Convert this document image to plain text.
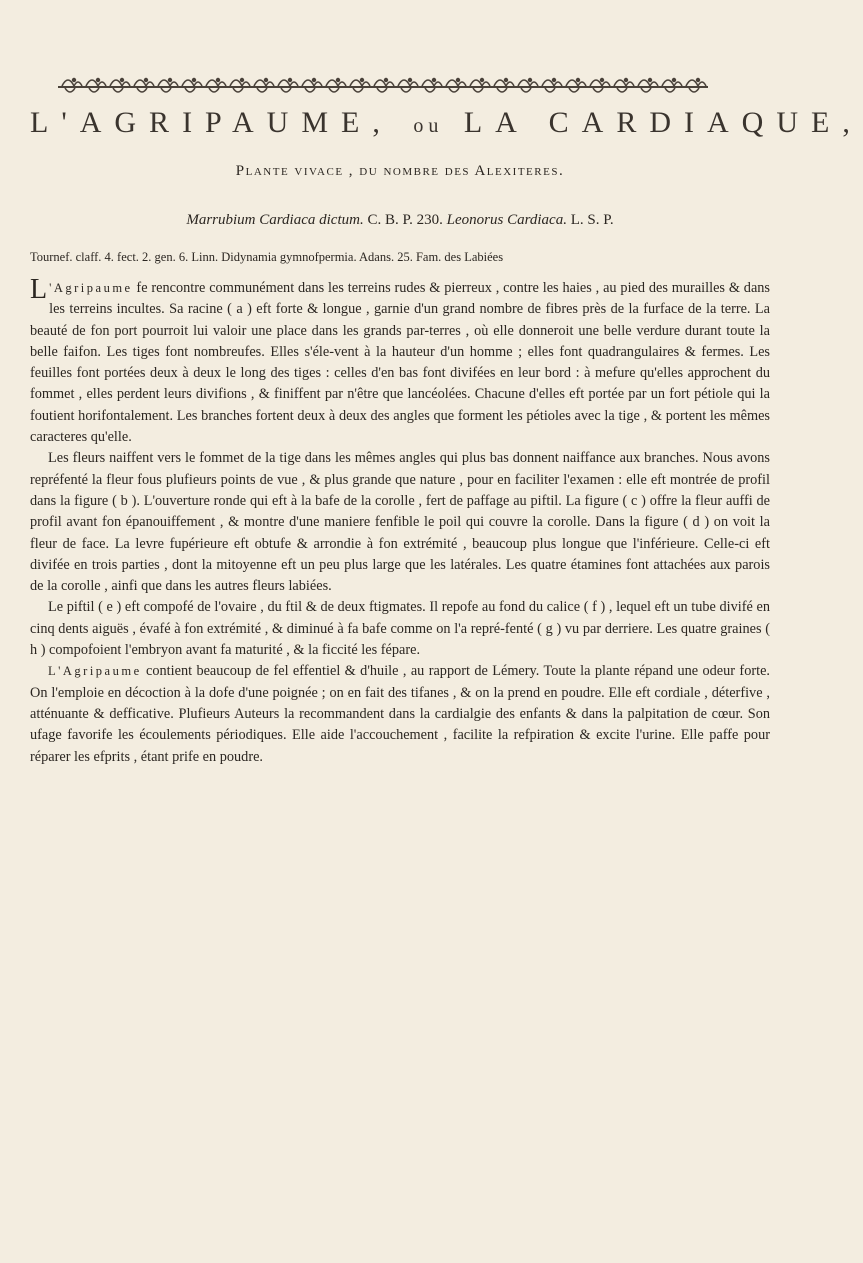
L'AGRIPAUME, ou LA CARDIAQUE,
Plante vivace , du nombre des Alexiteres.
Marrubium Cardiaca dictum. C. B. P. 230. Leonorus Cardiaca. L. S. P.
Tournef. claff. 4. fect. 2. gen. 6. Linn. Didynamia gymnofpermia. Adans. 25. Fam. des Labiées

L 'Agripaume fe rencontre communément dans les terreins rudes & pierreux , contre les haies , au pied des murailles & dans les terreins incultes. Sa racine ( a ) eft forte & longue , garnie d'un grand nombre de fibres près de la furface de la terre. La beauté de fon port pourroit lui valoir une place dans les grands par-terres , où elle donneroit une belle verdure durant toute la belle faifon. Les tiges font nombreufes. Elles s'éle-vent à la hauteur d'un homme ; elles font quadrangulaires & fermes. Les feuilles font portées deux à deux le long des tiges : celles d'en bas font divifées en leur bord : à mefure qu'elles approchent du fommet , elles perdent leurs divifions , & finiffent par n'être que lancéolées. Chacune d'elles eft portée par un fort pétiole qui la foutient horifontalement. Les branches fortent deux à deux des angles que forment les pétioles avec la tige , & portent les mêmes caracteres qu'elle.

Les fleurs naiffent vers le fommet de la tige dans les mêmes angles qui plus bas donnent naiffance aux branches. Nous avons repréfenté la fleur fous plufieurs points de vue , & plus grande que nature , pour en faciliter l'examen : elle eft montrée de profil dans la figure ( b ). L'ouverture ronde qui eft à la bafe de la corolle , fert de paffage au piftil. La figure ( c ) offre la fleur auffi de profil avant fon épanouiffement , & montre d'une maniere fenfible le poil qui couvre la corolle. Dans la figure ( d ) on voit la fleur de face. La levre fupérieure eft obtufe & arrondie à fon extrémité , beaucoup plus longue que l'inférieure. Celle-ci eft divifée en trois parties , dont la mitoyenne eft un peu plus large que les latérales. Les quatre étamines font attachées aux parois de la corolle , ainfi que dans les autres fleurs labiées.

Le piftil ( e ) eft compofé de l'ovaire , du ftil & de deux ftigmates. Il repofe au fond du calice ( f ) , lequel eft un tube divifé en cinq dents aiguës , évafé à fon extrémité , & diminué à fa bafe comme on l'a repré-fenté ( g ) vu par derriere. Les quatre graines ( h ) compofoient l'embryon avant fa maturité , & la ficcité les fépare.

L'Agripaume contient beaucoup de fel effentiel & d'huile , au rapport de Lémery. Toute la plante répand une odeur forte. On l'emploie en décoction à la dofe d'une poignée ; on en fait des tifanes , & on la prend en poudre. Elle eft cordiale , déterfive , atténuante & defficative. Plufieurs Auteurs la recommandent dans la cardialgie des enfants & dans la palpitation de cœur. Son ufage favorife les écoulements périodiques. Elle aide l'accouchement , facilite la refpiration & excite l'urine. Elle paffe pour réparer les efprits , étant prife en poudre.
